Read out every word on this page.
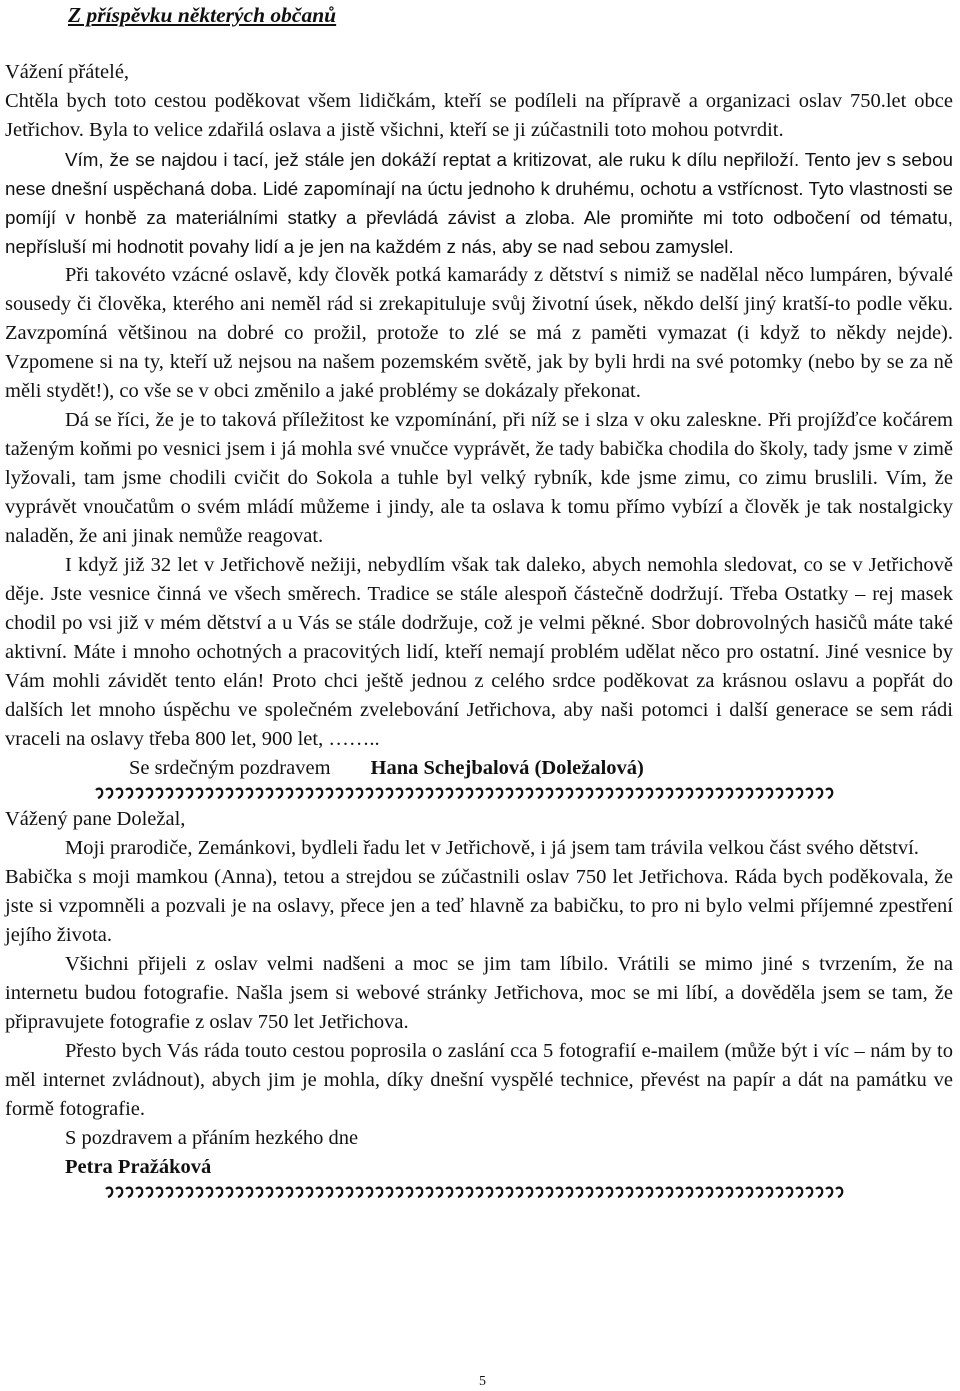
Z příspěvku některých občanů

Vážení přátelé,

Chtěla bych toto cestou poděkovat všem lidičkám, kteří se podíleli na přípravě a organizaci oslav 750.let obce Jetřichov. Byla to velice zdařilá oslava a jistě všichni, kteří se ji zúčastnili toto mohou potvrdit.

Vím, že se najdou i tací, jež stále jen dokáží reptat a kritizovat, ale ruku k dílu nepřiloží. Tento jev s sebou nese dnešní uspěchaná doba. Lidé zapomínají na úctu jednoho k druhému, ochotu a vstřícnost. Tyto vlastnosti se pomíjí v honbě za materiálními statky a převládá závist a zloba. Ale promiňte mi toto odbočení od tématu, nepřísluší mi hodnotit povahy lidí a je jen na každém z nás, aby se nad sebou zamyslel.

Při takovéto vzácné oslavě, kdy člověk potká kamarády z dětství s nimiž se nadělal něco lumpáren, bývalé sousedy či člověka, kterého ani neměl rád si zrekapituluje svůj životní úsek, někdo delší jiný kratší-to podle věku. Zavzpomíná většinou na dobré co prožil, protože to zlé se má z paměti vymazat (i když to někdy nejde). Vzpomene si na ty, kteří už nejsou na našem pozemském světě, jak by byli hrdi na své potomky (nebo by se za ně měli stydět!), co vše se v obci změnilo a jaké problémy se dokázaly překonat.

Dá se říci, že je to taková příležitost ke vzpomínání, při níž se i slza v oku zaleskne. Při projížďce kočárem taženým koňmi po vesnici jsem i já mohla své vnučce vyprávět, že tady babička chodila do školy, tady jsme v zimě lyžovali, tam jsme chodili cvičit do Sokola a tuhle byl velký rybník, kde jsme zimu, co zimu bruslili. Vím, že vyprávět vnoučatům o svém mládí můžeme i jindy, ale ta oslava k tomu přímo vybízí a člověk je tak nostalgicky naladěn, že ani jinak nemůže reagovat.

I když již 32 let v Jetřichově nežiji, nebydlím však tak daleko, abych nemohla sledovat, co se v Jetřichově děje. Jste vesnice činná ve všech směrech. Tradice se stále alespoň částečně dodržují. Třeba Ostatky – rej masek chodil po vsi již v mém dětství a u Vás se stále dodržuje, což je velmi pěkné. Sbor dobrovolných hasičů máte také aktivní. Máte i mnoho ochotných a pracovitých lidí, kteří nemají problém udělat něco pro ostatní. Jiné vesnice by Vám mohli závidět tento elán! Proto chci ještě jednou z celého srdce poděkovat za krásnou oslavu a popřát do dalších let mnoho úspěchu ve společném zvelebování Jetřichova, aby naši potomci i další generace se sem rádi vraceli na oslavy třeba 800 let, 900 let, ……..

Se srdečným pozdravem Hana Schejbalová (Doležalová)

Vážený pane Doležal,

Moji prarodiče, Zemánkovi, bydleli řadu let v Jetřichově, i já jsem tam trávila velkou část svého dětství.

Babička s moji mamkou (Anna), tetou a strejdou se zúčastnili oslav 750 let Jetřichova. Ráda bych poděkovala, že jste si vzpomněli a pozvali je na oslavy, přece jen a teď hlavně za babičku, to pro ni bylo velmi příjemné zpestření jejího života.

Všichni přijeli z oslav velmi nadšeni a moc se jim tam líbilo. Vrátili se mimo jiné s tvrzením, že na internetu budou fotografie. Našla jsem si webové stránky Jetřichova, moc se mi líbí, a dověděla jsem se tam, že připravujete fotografie z oslav 750 let Jetřichova.

Přesto bych Vás ráda touto cestou poprosila o zaslání cca 5 fotografií e-mailem (může být i víc – nám by to měl internet zvládnout), abych jim je mohla, díky dnešní vyspělé technice, převést na papír a dát na památku ve formě fotografie.

S pozdravem a přáním hezkého dne

Petra Pražáková

5
